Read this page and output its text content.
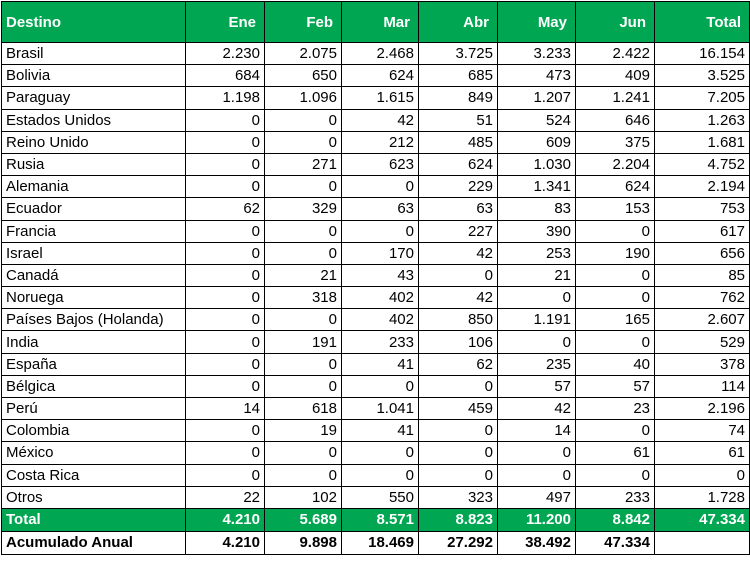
Destino	Ene	Feb	Mar	Abr	May	Jun	Total
Brasil	2.230	2.075	2.468	3.725	3.233	2.422	16.154
Bolivia	684	650	624	685	473	409	3.525
Paraguay	1.198	1.096	1.615	849	1.207	1.241	7.205
Estados Unidos	0	0	42	51	524	646	1.263
Reino Unido	0	0	212	485	609	375	1.681
Rusia	0	271	623	624	1.030	2.204	4.752
Alemania	0	0	0	229	1.341	624	2.194
Ecuador	62	329	63	63	83	153	753
Francia	0	0	0	227	390	0	617
Israel	0	0	170	42	253	190	656
Canadá	0	21	43	0	21	0	85
Noruega	0	318	402	42	0	0	762
Países Bajos (Holanda)	0	0	402	850	1.191	165	2.607
India	0	191	233	106	0	0	529
España	0	0	41	62	235	40	378
Bélgica	0	0	0	0	57	57	114
Perú	14	618	1.041	459	42	23	2.196
Colombia	0	19	41	0	14	0	74
México	0	0	0	0	0	61	61
Costa Rica	0	0	0	0	0	0	0
Otros	22	102	550	323	497	233	1.728
Total	4.210	5.689	8.571	8.823	11.200	8.842	47.334
Acumulado Anual	4.210	9.898	18.469	27.292	38.492	47.334	
